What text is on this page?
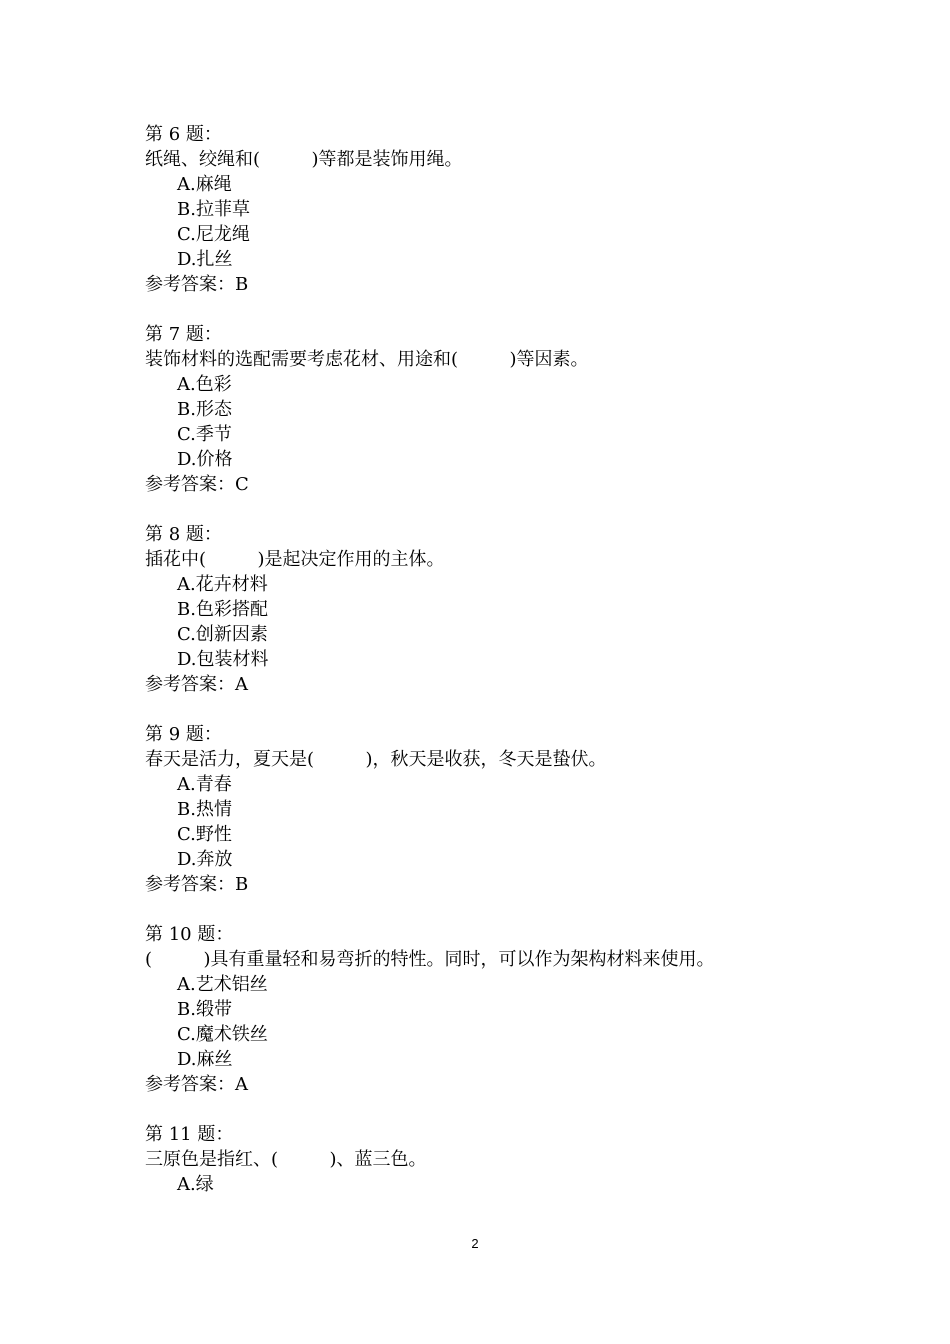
第 6 题：
纸绳、绞绳和(         )等都是装饰用绳。
A.麻绳
B.拉菲草
C.尼龙绳
D.扎丝
参考答案：B
第 7 题：
装饰材料的选配需要考虑花材、用途和(         )等因素。
A.色彩
B.形态
C.季节
D.价格
参考答案：C
第 8 题：
插花中(         )是起决定作用的主体。
A.花卉材料
B.色彩搭配
C.创新因素
D.包装材料
参考答案：A
第 9 题：
春天是活力，夏天是(         )，秋天是收获，冬天是蛰伏。
A.青春
B.热情
C.野性
D.奔放
参考答案：B
第 10 题：
(         )具有重量轻和易弯折的特性。同时，可以作为架构材料来使用。
A.艺术铝丝
B.缎带
C.魔术铁丝
D.麻丝
参考答案：A
第 11 题：
三原色是指红、(         )、蓝三色。
A.绿
2
